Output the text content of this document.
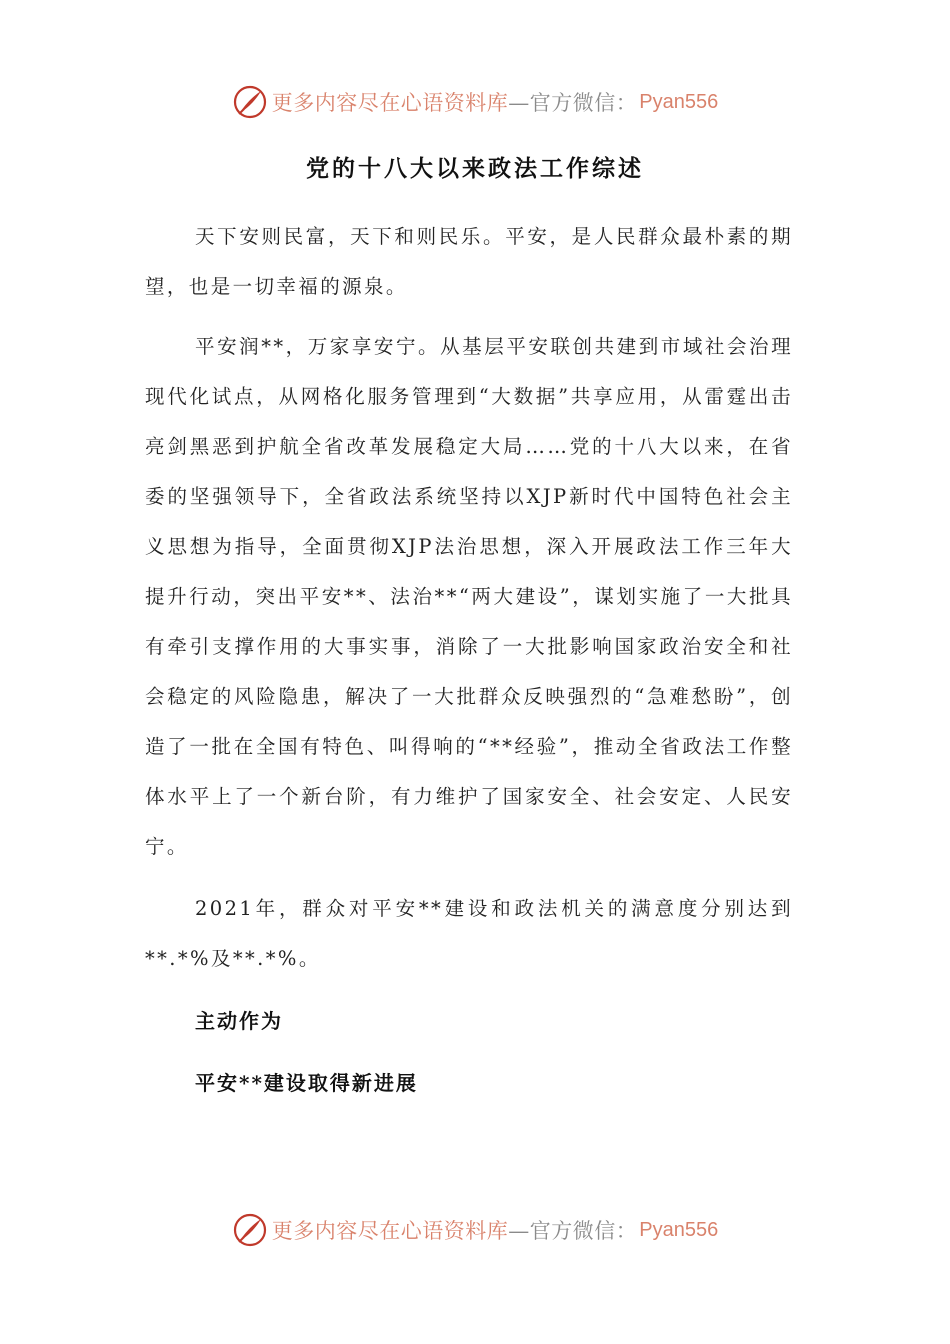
更多内容尽在心语资料库 —官方微信： Pyan556
党的十八大以来政法工作综述

天下安则民富，天下和则民乐。平安，是人民群众最朴素的期望，也是一切幸福的源泉。

平安润**，万家享安宁。从基层平安联创共建到市域社会治理现代化试点，从网格化服务管理到“大数据”共享应用，从雷霆出击亮剑黑恶到护航全省改革发展稳定大局……党的十八大以来，在省委的坚强领导下，全省政法系统坚持以XJP新时代中国特色社会主义思想为指导，全面贯彻XJP法治思想，深入开展政法工作三年大提升行动，突出平安**、法治**“两大建设”，谋划实施了一大批具有牵引支撑作用的大事实事，消除了一大批影响国家政治安全和社会稳定的风险隐患，解决了一大批群众反映强烈的“急难愁盼”，创造了一批在全国有特色、叫得响的“**经验”，推动全省政法工作整体水平上了一个新台阶，有力维护了国家安全、社会安定、人民安宁。

2021年，群众对平安**建设和政法机关的满意度分别达到**.*%及**.*%。

主动作为

平安**建设取得新进展

更多内容尽在心语资料库 —官方微信： Pyan556
